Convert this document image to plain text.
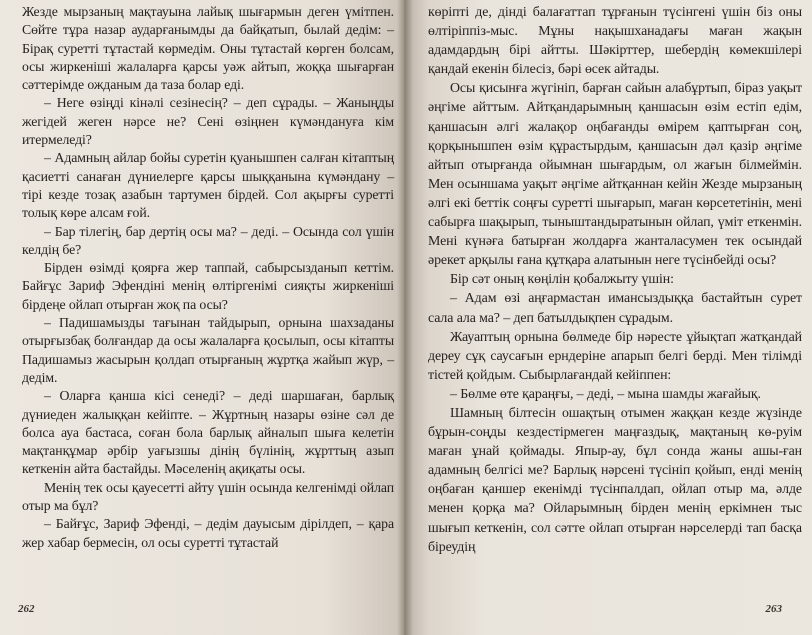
Жезде мырзаның мақтауына лайық шығармын деген үмітпен. Сөйте тұра назар аударғанымды да байқатып, былай дедім: – Бірақ суретті тұтастай көрмедім. Оны тұтастай көрген болсам, осы жиркеніші жалаларға қарсы уәж айтып, жоққа шығарған сәттерімде ожданым да таза болар еді.

– Неге өзіңді кінәлі сезінесің? – деп сұрады. – Жаныңды жегідей жеген нәрсе не? Сені өзіңнен күмәндануға кім итермеледі?

– Адамның айлар бойы суретін қуанышпен салған кітаптың қасиетті санаған дүниелерге қарсы шыққанына күмәндану – тірі кезде тозақ азабын тартумен бірдей. Сол ақырғы суретті толық көре алсам ғой.

– Бар тілегің, бар дертің осы ма? – деді. – Осында сол үшін келдің бе?

Бірден өзімді қоярға жер таппай, сабырсызданып кеттім. Байғұс Зариф Эфендіні менің өлтіргенімі сияқты жиркеніші бірдеңе ойлап отырған жоқ па осы?

– Падишамызды тағынан тайдырып, орнына шахзаданы отырғызбақ болғандар да осы жалаларға қосылып, осы кітапты Падишамыз жасырын қолдап отырғаның жұртқа жайып жүр, – дедім.

– Оларға қанша кісі сенеді? – деді шаршаған, барлық дүниеден жалыққан кейіпте. – Жұртның назары өзіне сәл де болса ауа бастаса, соған бола барлық айналып шыға келетін мақтанқұмар әрбір уағызшы дінің бүлінің, жұрттың азып кеткенін айта бастайды. Мәселенің ақиқаты осы.

Менің тек осы қауесетті айту үшін осында келгенімді ойлап отыр ма бұл?

– Байғұс, Зариф Эфенді, – дедім дауысым дірілдеп, – қара жер хабар бермесін, ол осы суретті тұтастай

262

көріпті де, дінді балағаттап тұрғанын түсінгені үшін біз оны өлтіріппіз-мыс. Мұны нақышханадағы маған жақын адамдардың бірі айтты. Шәкірттер, шебердің көмекшілері қандай екенін білесіз, бәрі өсек айтады.

Осы қисынға жүгініп, барған сайын алабұртып, біраз уақыт әңгіме айттым. Айтқандарымның қаншасын өзім естіп едім, қаншасын әлгі жалақор оңбағанды өмірем қаптырған соң, қорқынышпен өзім құрастырдым, қаншасын дәл қазір әңгіме айтып отырғанда ойымнан шығардым, ол жағын білмеймін. Мен осыншама уақыт әңгіме айтқаннан кейін Жезде мырзаның әлгі екі беттік соңғы суретті шығарып, маған көрсететінін, мені сабырға шақырып, тыныштандыратынын ойлап, үміт еткенмін. Мені күнәға батырған жолдарға жанталасумен тек осындай әрекет арқылы ғана құтқара алатынын неге түсінбейді осы?

Бір сәт оның көңілін қобалжыту үшін:

– Адам өзі аңғармастан имансыздыққа бастайтын сурет сала ала ма? – деп батылдықпен сұрадым.

Жауаптың орнына бөлмеде бір нәресте ұйықтап жатқандай дереу сұқ саусағын ерндеріне апарып белгі берді. Мен тілімді тістей қойдым. Сыбырлағандай кейіппен:

– Бөлме өте қараңғы, – деді, – мына шамды жағайық.

Шамның білтесін ошақтың отымен жаққан кезде жүзінде бұрын-соңды кездестірмеген маңғаздық, мақтаның кө-руім маған ұнай қоймады. Япыр-ау, бұл сонда жаны ашы-ған адамның белгісі ме? Барлық нәрсені түсініп қойып, енді менің оңбаған қаншер екенімді түсінпалдап, ойлап отыр ма, әлде менен қорқа ма? Ойларымның бірден менің еркімнен тыс шығып кеткенін, сол сәтте ойлап отырған нәрселерді тап басқа біреудің

263
